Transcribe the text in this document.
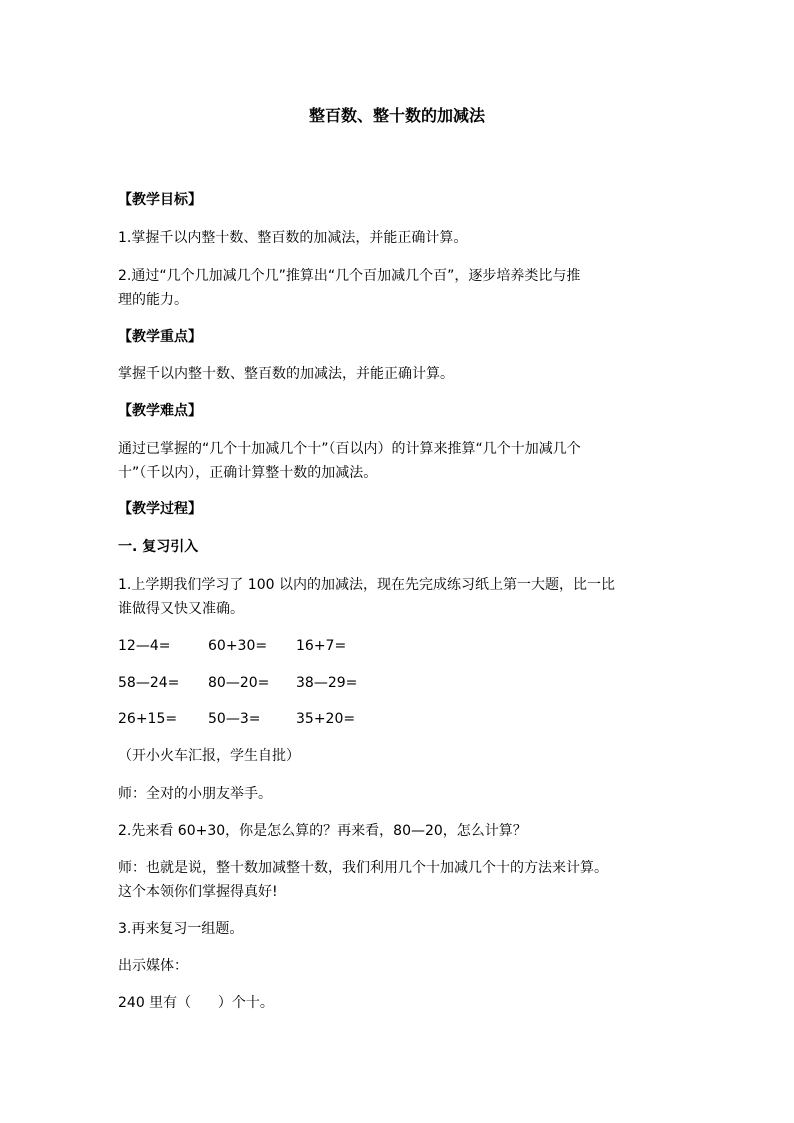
整百数、整十数的加减法
【教学目标】
1.掌握千以内整十数、整百数的加减法，并能正确计算。
2.通过“几个几加减几个几”推算出“几个百加减几个百”，逐步培养类比与推
理的能力。
【教学重点】
掌握千以内整十数、整百数的加减法，并能正确计算。
【教学难点】
通过已掌握的“几个十加减几个十”（百以内）的计算来推算“几个十加减几个
十”（千以内），正确计算整十数的加减法。
【教学过程】
一. 复习引入
1.上学期我们学习了 100 以内的加减法，现在先完成练习纸上第一大题，比一比
谁做得又快又准确。
12—4=	60+30=	16+7=
58—24=	80—20=	38—29=
26+15=	50—3=	35+20=
（开小火车汇报，学生自批）
师：全对的小朋友举手。
2.先来看 60+30，你是怎么算的？再来看，80—20，怎么计算？
师：也就是说，整十数加减整十数，我们利用几个十加减几个十的方法来计算。
这个本领你们掌握得真好!
3.再来复习一组题。
出示媒体：
240 里有（      ）个十。
